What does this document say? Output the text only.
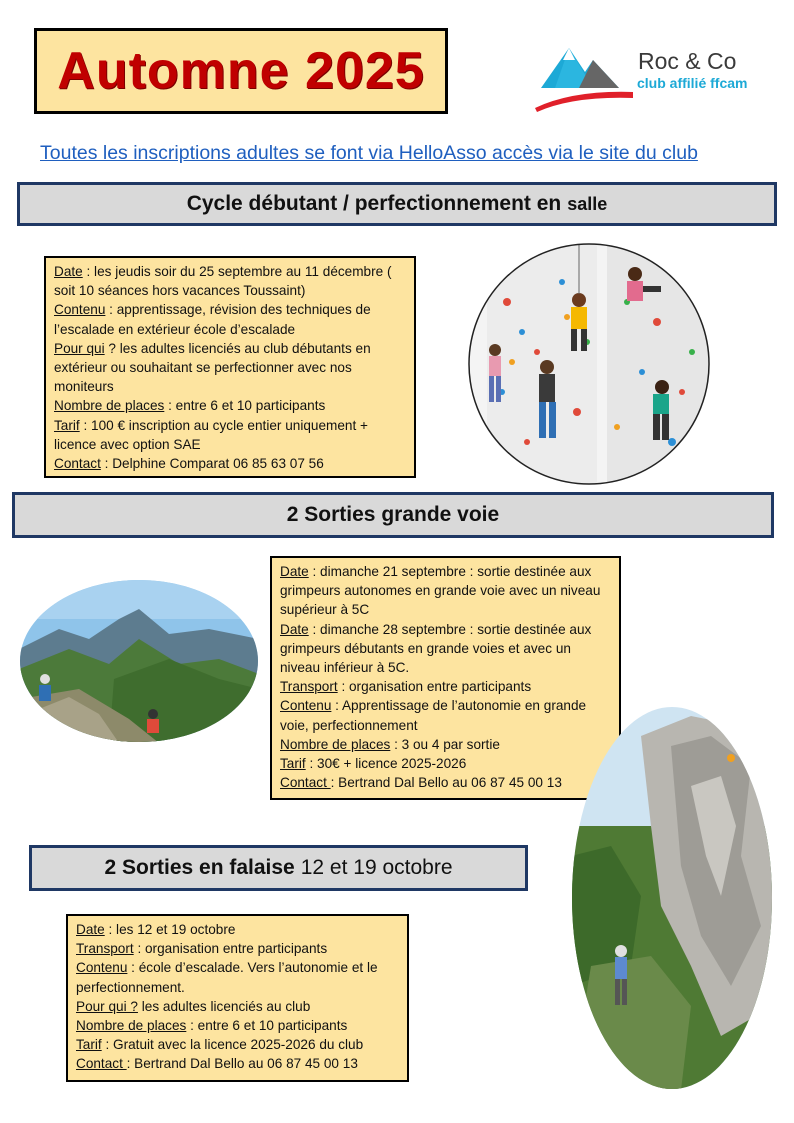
Automne 2025	Roc & Co
club affilié ffcam
Toutes les inscriptions adultes se font via HelloAsso accès via le site du club
Cycle débutant / perfectionnement en salle

Date : les jeudis soir du 25 septembre au 11 décembre ( soit 10 séances hors vacances Toussaint)

Contenu : apprentissage, révision des techniques de l’escalade en extérieur école d’escalade

Pour qui ? les adultes licenciés au club débutants en extérieur ou souhaitant se perfectionner avec nos moniteurs

Nombre de places : entre 6 et 10 participants

Tarif : 100 € inscription au cycle entier uniquement + licence avec option SAE

Contact : Delphine Comparat 06 85 63 07 56

2 Sorties grande voie

Date : dimanche 21 septembre : sortie destinée aux grimpeurs autonomes en grande voie avec un niveau supérieur à 5C

Date : dimanche 28 septembre : sortie destinée aux grimpeurs débutants en grande voies et avec un niveau inférieur à 5C.

Transport : organisation entre participants

Contenu : Apprentissage de l’autonomie en grande voie, perfectionnement

Nombre de places : 3 ou 4 par sortie

Tarif : 30€ + licence 2025-2026

Contact : Bertrand Dal Bello au 06 87 45 00 13

2 Sorties en falaise 12 et 19 octobre

Date : les 12 et 19 octobre

Transport : organisation entre participants

Contenu : école d’escalade. Vers l’autonomie et le perfectionnement.

Pour qui ? les adultes licenciés au club

Nombre de places : entre 6 et 10 participants

Tarif : Gratuit avec la licence 2025-2026 du club

Contact : Bertrand Dal Bello au 06 87 45 00 13
